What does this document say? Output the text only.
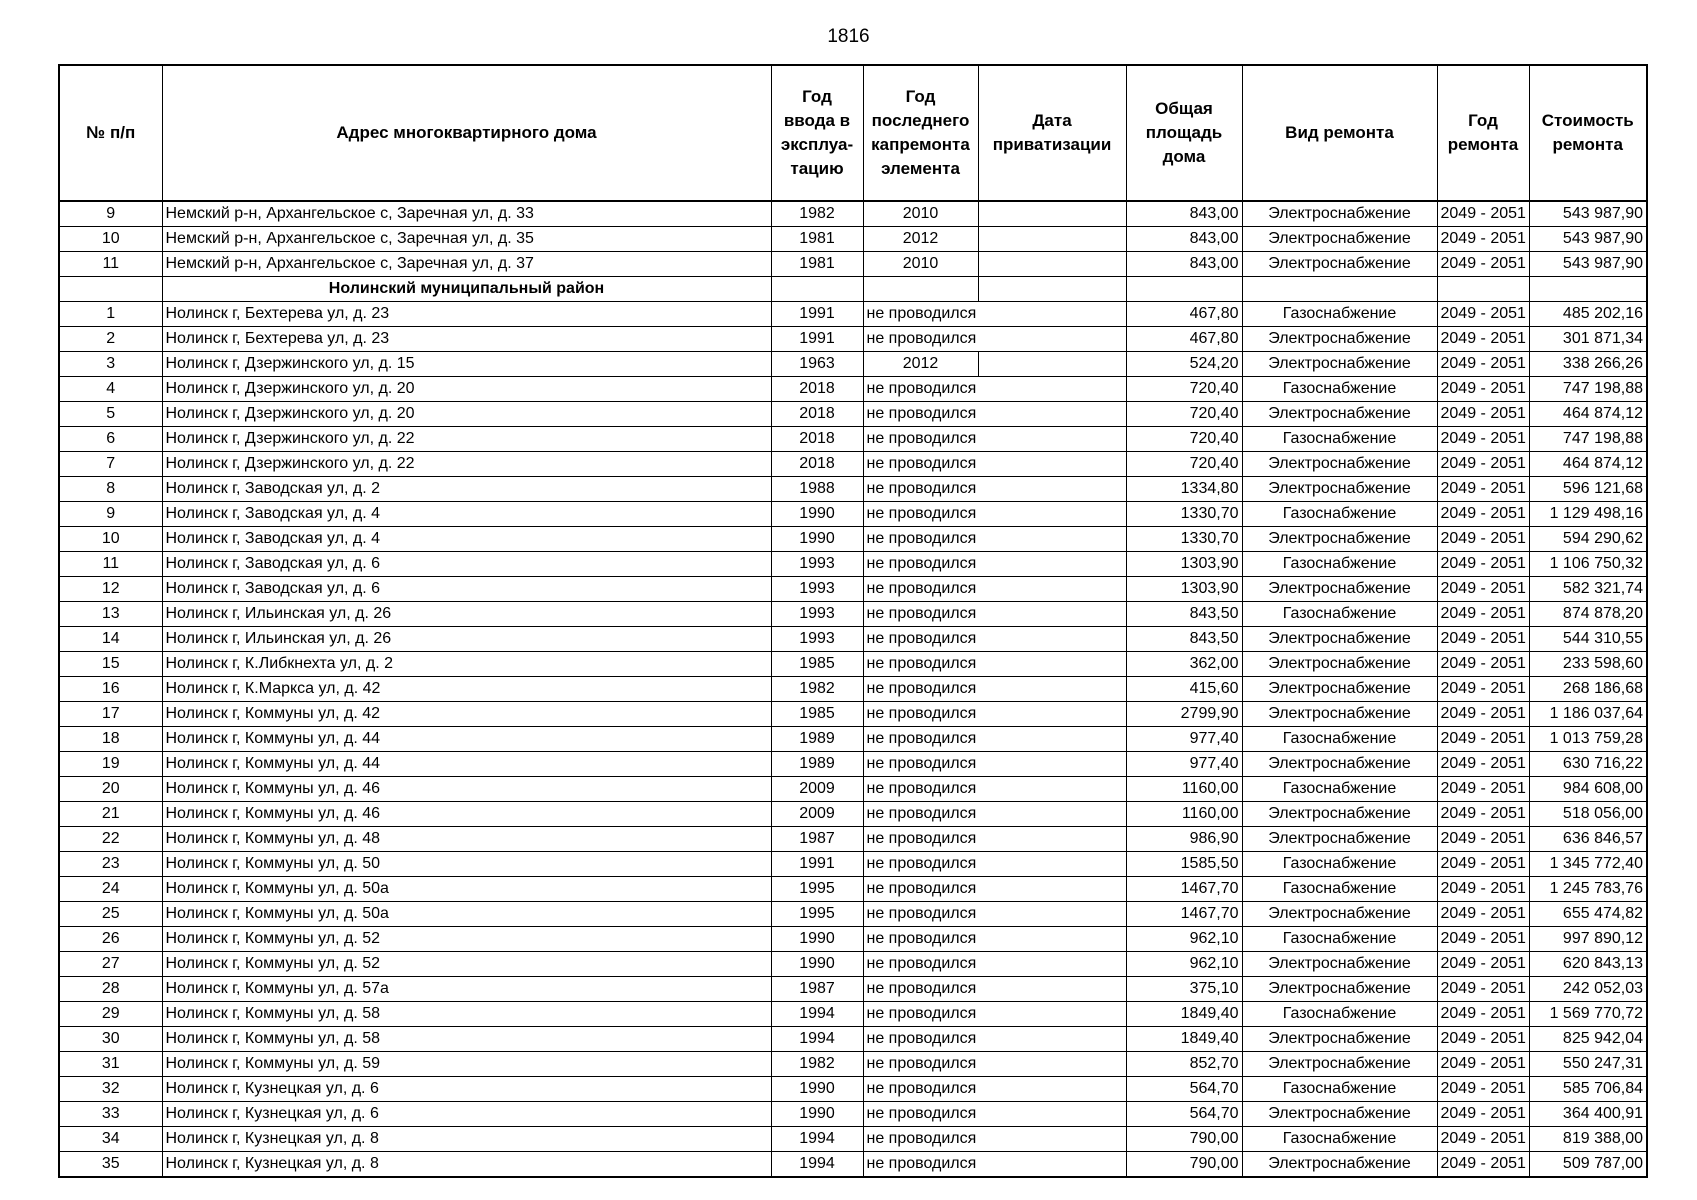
1816
№ п/п	Адрес многоквартирного дома	Год ввода в эксплуа-тацию	Год последнего капремонта элемента	Дата приватизации	Общая площадь дома	Вид ремонта	Год ремонта	Стоимость ремонта
9	Немский р-н, Архангельское с, Заречная ул, д. 33	1982	2010		843,00	Электроснабжение	2049 - 2051	543 987,90
10	Немский р-н, Архангельское с, Заречная ул, д. 35	1981	2012		843,00	Электроснабжение	2049 - 2051	543 987,90
11	Немский р-н, Архангельское с, Заречная ул, д. 37	1981	2010		843,00	Электроснабжение	2049 - 2051	543 987,90
	Нолинский муниципальный район							
1	Нолинск г, Бехтерева ул, д. 23	1991	не проводился		467,80	Газоснабжение	2049 - 2051	485 202,16
2	Нолинск г, Бехтерева ул, д. 23	1991	не проводился		467,80	Электроснабжение	2049 - 2051	301 871,34
3	Нолинск г, Дзержинского ул, д. 15	1963	2012		524,20	Электроснабжение	2049 - 2051	338 266,26
4	Нолинск г, Дзержинского ул, д. 20	2018	не проводился		720,40	Газоснабжение	2049 - 2051	747 198,88
5	Нолинск г, Дзержинского ул, д. 20	2018	не проводился		720,40	Электроснабжение	2049 - 2051	464 874,12
6	Нолинск г, Дзержинского ул, д. 22	2018	не проводился		720,40	Газоснабжение	2049 - 2051	747 198,88
7	Нолинск г, Дзержинского ул, д. 22	2018	не проводился		720,40	Электроснабжение	2049 - 2051	464 874,12
8	Нолинск г, Заводская ул, д. 2	1988	не проводился		1334,80	Электроснабжение	2049 - 2051	596 121,68
9	Нолинск г, Заводская ул, д. 4	1990	не проводился		1330,70	Газоснабжение	2049 - 2051	1 129 498,16
10	Нолинск г, Заводская ул, д. 4	1990	не проводился		1330,70	Электроснабжение	2049 - 2051	594 290,62
11	Нолинск г, Заводская ул, д. 6	1993	не проводился		1303,90	Газоснабжение	2049 - 2051	1 106 750,32
12	Нолинск г, Заводская ул, д. 6	1993	не проводился		1303,90	Электроснабжение	2049 - 2051	582 321,74
13	Нолинск г, Ильинская ул, д. 26	1993	не проводился		843,50	Газоснабжение	2049 - 2051	874 878,20
14	Нолинск г, Ильинская ул, д. 26	1993	не проводился		843,50	Электроснабжение	2049 - 2051	544 310,55
15	Нолинск г, К.Либкнехта ул, д. 2	1985	не проводился		362,00	Электроснабжение	2049 - 2051	233 598,60
16	Нолинск г, К.Маркса ул, д. 42	1982	не проводился		415,60	Электроснабжение	2049 - 2051	268 186,68
17	Нолинск г, Коммуны ул, д. 42	1985	не проводился		2799,90	Электроснабжение	2049 - 2051	1 186 037,64
18	Нолинск г, Коммуны ул, д. 44	1989	не проводился		977,40	Газоснабжение	2049 - 2051	1 013 759,28
19	Нолинск г, Коммуны ул, д. 44	1989	не проводился		977,40	Электроснабжение	2049 - 2051	630 716,22
20	Нолинск г, Коммуны ул, д. 46	2009	не проводился		1160,00	Газоснабжение	2049 - 2051	984 608,00
21	Нолинск г, Коммуны ул, д. 46	2009	не проводился		1160,00	Электроснабжение	2049 - 2051	518 056,00
22	Нолинск г, Коммуны ул, д. 48	1987	не проводился		986,90	Электроснабжение	2049 - 2051	636 846,57
23	Нолинск г, Коммуны ул, д. 50	1991	не проводился		1585,50	Газоснабжение	2049 - 2051	1 345 772,40
24	Нолинск г, Коммуны ул, д. 50а	1995	не проводился		1467,70	Газоснабжение	2049 - 2051	1 245 783,76
25	Нолинск г, Коммуны ул, д. 50а	1995	не проводился		1467,70	Электроснабжение	2049 - 2051	655 474,82
26	Нолинск г, Коммуны ул, д. 52	1990	не проводился		962,10	Газоснабжение	2049 - 2051	997 890,12
27	Нолинск г, Коммуны ул, д. 52	1990	не проводился		962,10	Электроснабжение	2049 - 2051	620 843,13
28	Нолинск г, Коммуны ул, д. 57а	1987	не проводился		375,10	Электроснабжение	2049 - 2051	242 052,03
29	Нолинск г, Коммуны ул, д. 58	1994	не проводился		1849,40	Газоснабжение	2049 - 2051	1 569 770,72
30	Нолинск г, Коммуны ул, д. 58	1994	не проводился		1849,40	Электроснабжение	2049 - 2051	825 942,04
31	Нолинск г, Коммуны ул, д. 59	1982	не проводился		852,70	Электроснабжение	2049 - 2051	550 247,31
32	Нолинск г, Кузнецкая ул, д. 6	1990	не проводился		564,70	Газоснабжение	2049 - 2051	585 706,84
33	Нолинск г, Кузнецкая ул, д. 6	1990	не проводился		564,70	Электроснабжение	2049 - 2051	364 400,91
34	Нолинск г, Кузнецкая ул, д. 8	1994	не проводился		790,00	Газоснабжение	2049 - 2051	819 388,00
35	Нолинск г, Кузнецкая ул, д. 8	1994	не проводился		790,00	Электроснабжение	2049 - 2051	509 787,00
